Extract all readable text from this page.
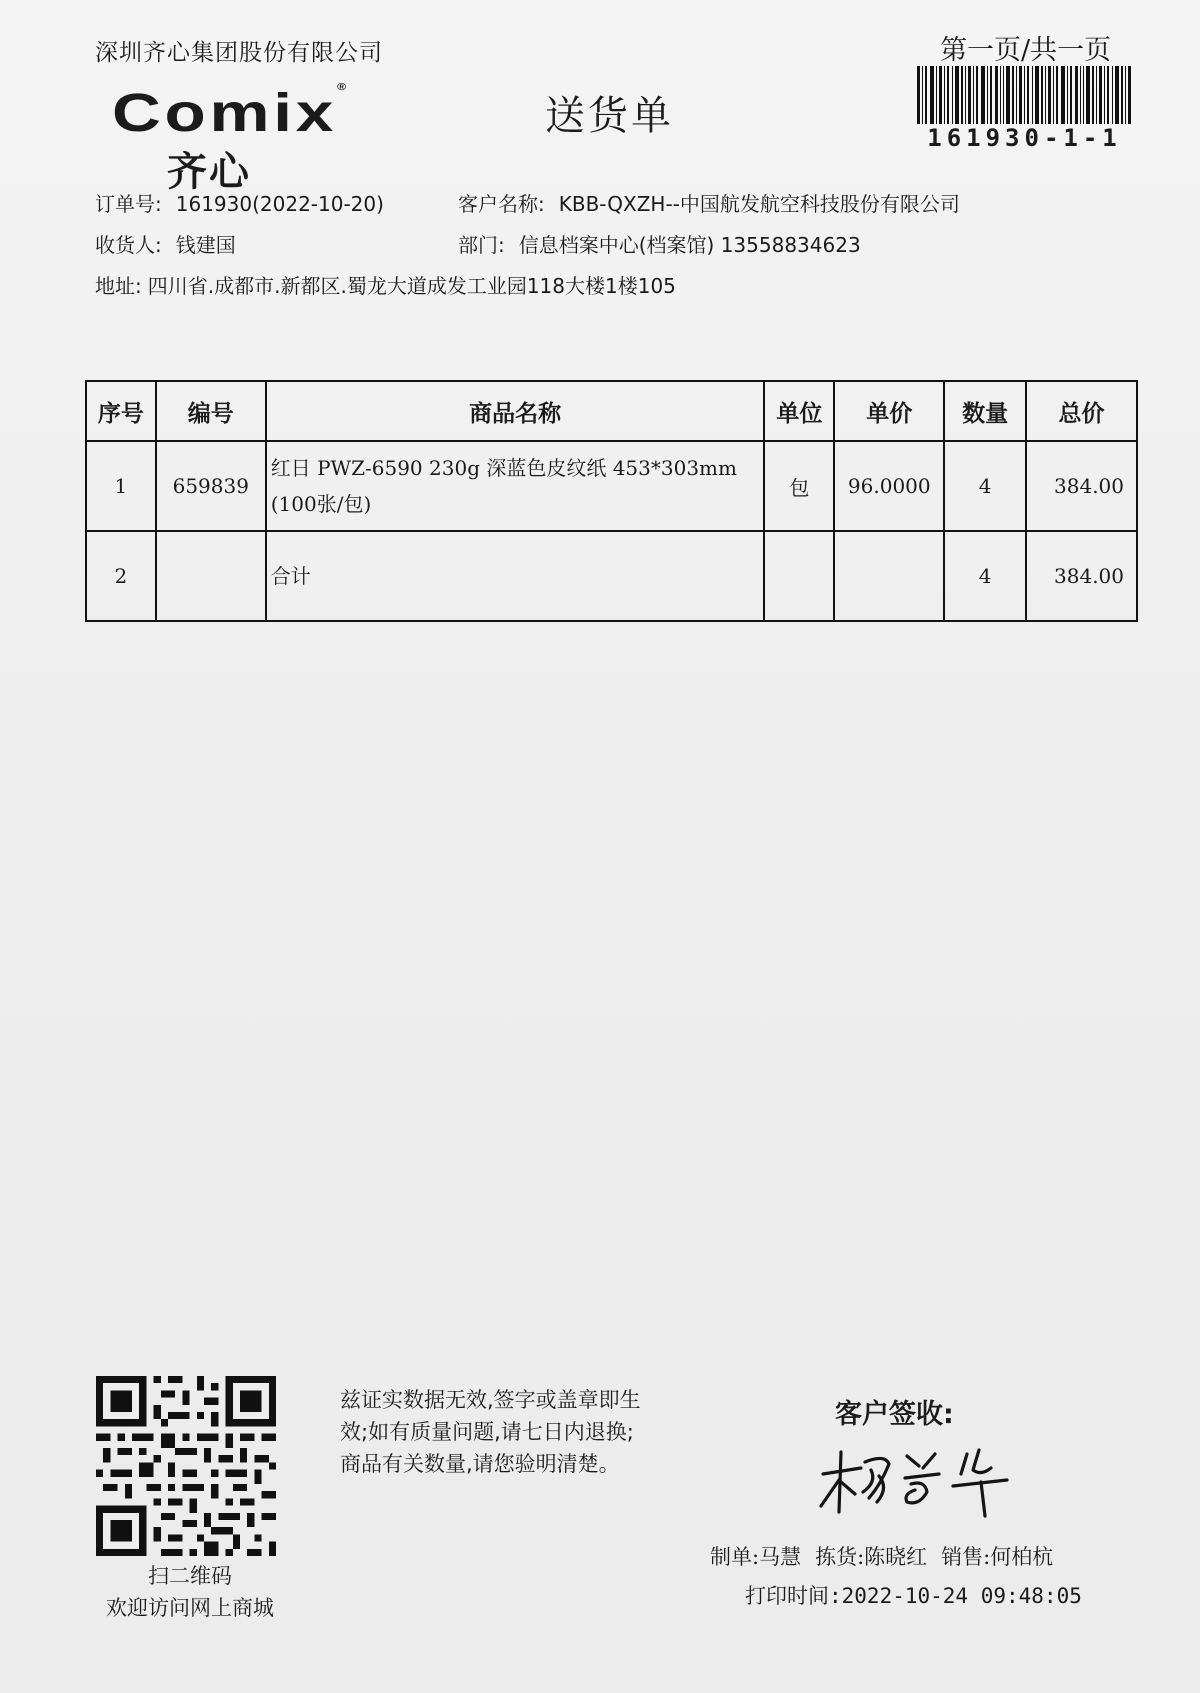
深圳齐心集团股份有限公司	第一页/共一页
161930-1-1
Comix®
齐心
送货单
订单号: 161930(2022-10-20)	客户名称: KBB-QXZH--中国航发航空科技股份有限公司
收货人: 钱建国	部门: 信息档案中心(档案馆) 13558834623
地址: 四川省.成都市.新都区.蜀龙大道成发工业园118大楼1楼105
序号	编号	商品名称	单位	单价	数量	总价
1	659839	红日 PWZ-6590 230g 深蓝色皮纹纸 453*303mm
(100张/包)	包	96.0000	4	384.00
2		合计			4	384.00
扫二维码
欢迎访问网上商城
兹证实数据无效,签字或盖章即生
效;如有质量问题,请七日内退换;
商品有关数量,请您验明清楚。
客户签收:
制单:马慧 拣货:陈晓红 销售:何柏杭
打印时间:2022-10-24 09:48:05
